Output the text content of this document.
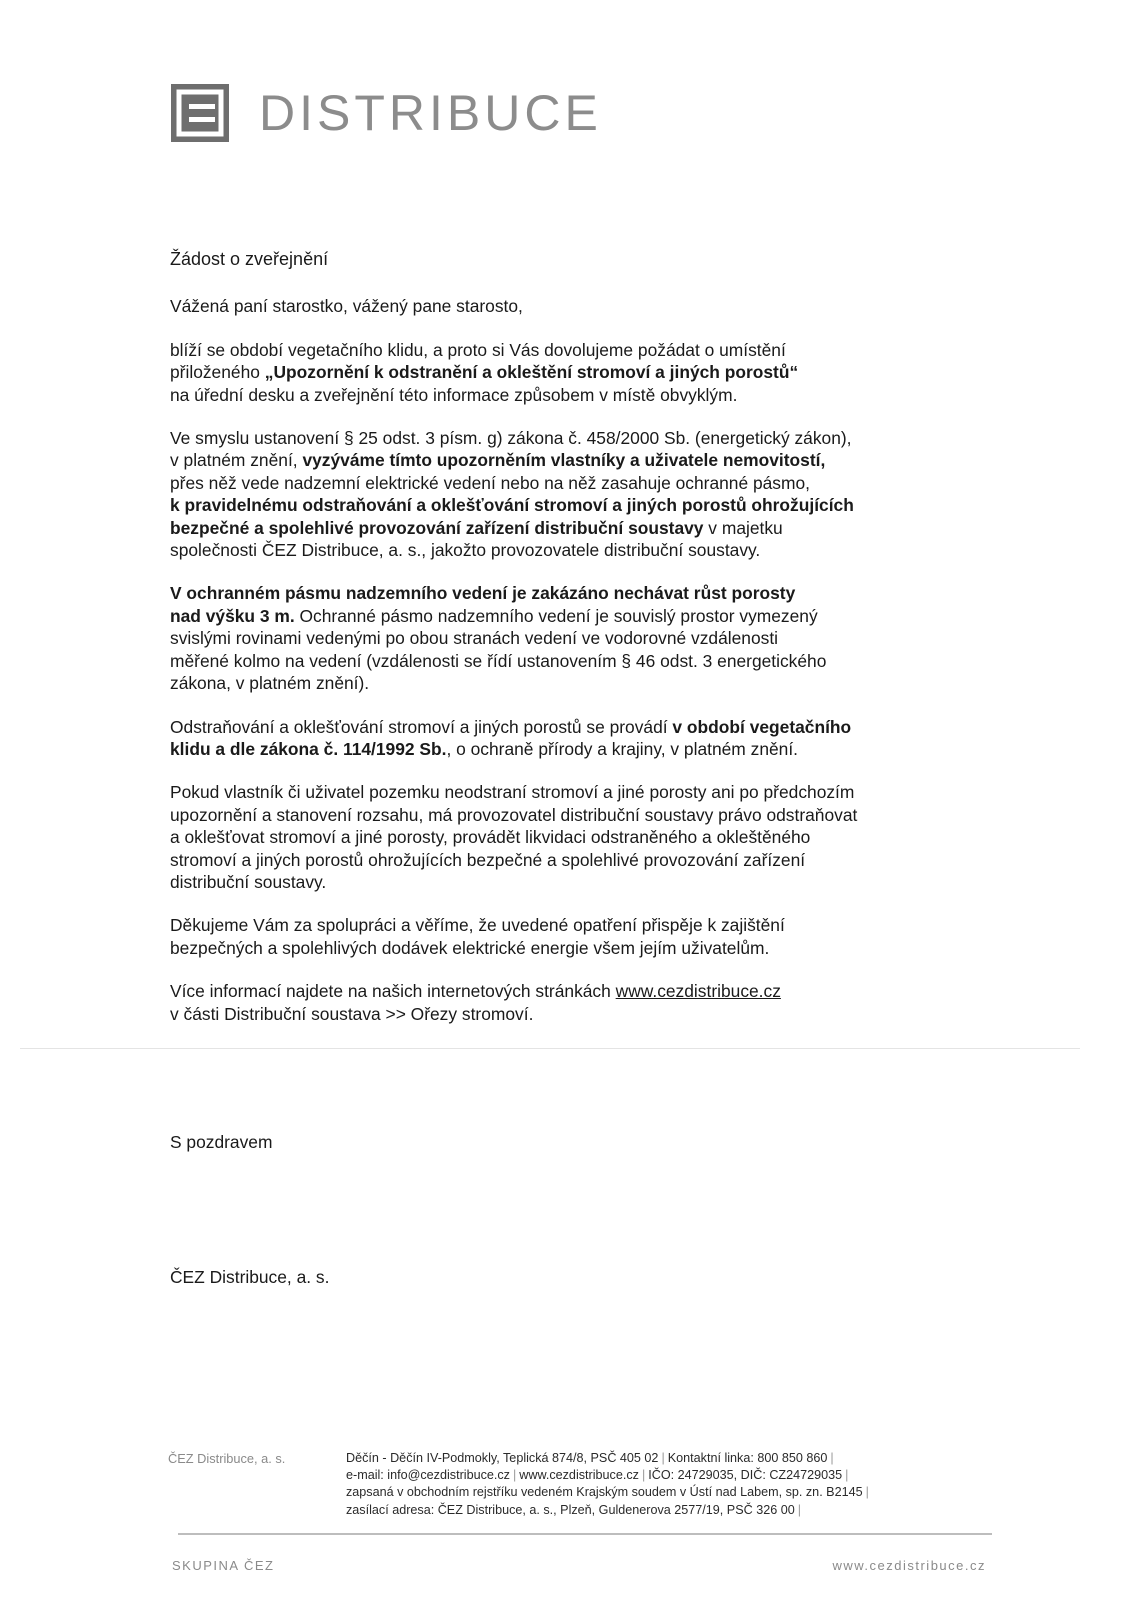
DISTRIBUCE
Žádost o zveřejnění
Vážená paní starostko, vážený pane starosto,
blíží se období vegetačního klidu, a proto si Vás dovolujeme požádat o umístění
přiloženého „Upozornění k odstranění a okleštění stromoví a jiných porostů“
na úřední desku a zveřejnění této informace způsobem v místě obvyklým.
Ve smyslu ustanovení § 25 odst. 3 písm. g) zákona č. 458/2000 Sb. (energetický zákon),
v platném znění, vyzýváme tímto upozorněním vlastníky a uživatele nemovitostí,
přes něž vede nadzemní elektrické vedení nebo na něž zasahuje ochranné pásmo,
k pravidelnému odstraňování a oklešťování stromoví a jiných porostů ohrožujících
bezpečné a spolehlivé provozování zařízení distribuční soustavy v majetku
společnosti ČEZ Distribuce, a. s., jakožto provozovatele distribuční soustavy.
V ochranném pásmu nadzemního vedení je zakázáno nechávat růst porosty
nad výšku 3 m. Ochranné pásmo nadzemního vedení je souvislý prostor vymezený
svislými rovinami vedenými po obou stranách vedení ve vodorovné vzdálenosti
měřené kolmo na vedení (vzdálenosti se řídí ustanovením § 46 odst. 3 energetického
zákona, v platném znění).
Odstraňování a oklešťování stromoví a jiných porostů se provádí v období vegetačního
klidu a dle zákona č. 114/1992 Sb., o ochraně přírody a krajiny, v platném znění.
Pokud vlastník či uživatel pozemku neodstraní stromoví a jiné porosty ani po předchozím
upozornění a stanovení rozsahu, má provozovatel distribuční soustavy právo odstraňovat
a oklešťovat stromoví a jiné porosty, provádět likvidaci odstraněného a okleštěného
stromoví a jiných porostů ohrožujících bezpečné a spolehlivé provozování zařízení
distribuční soustavy.
Děkujeme Vám za spolupráci a věříme, že uvedené opatření přispěje k zajištění
bezpečných a spolehlivých dodávek elektrické energie všem jejím uživatelům.
Více informací najdete na našich internetových stránkách www.cezdistribuce.cz
v části Distribuční soustava >> Ořezy stromoví.
S pozdravem
ČEZ Distribuce, a. s.
ČEZ Distribuce, a. s.	Děčín - Děčín IV-Podmokly, Teplická 874/8, PSČ 405 02 | Kontaktní linka: 800 850 860 |
e-mail: info@cezdistribuce.cz | www.cezdistribuce.cz | IČO: 24729035, DIČ: CZ24729035 |
zapsaná v obchodním rejstříku vedeném Krajským soudem v Ústí nad Labem, sp. zn. B2145 |
zasílací adresa: ČEZ Distribuce, a. s., Plzeň, Guldenerova 2577/19, PSČ 326 00 |
SKUPINA ČEZ	www.cezdistribuce.cz
